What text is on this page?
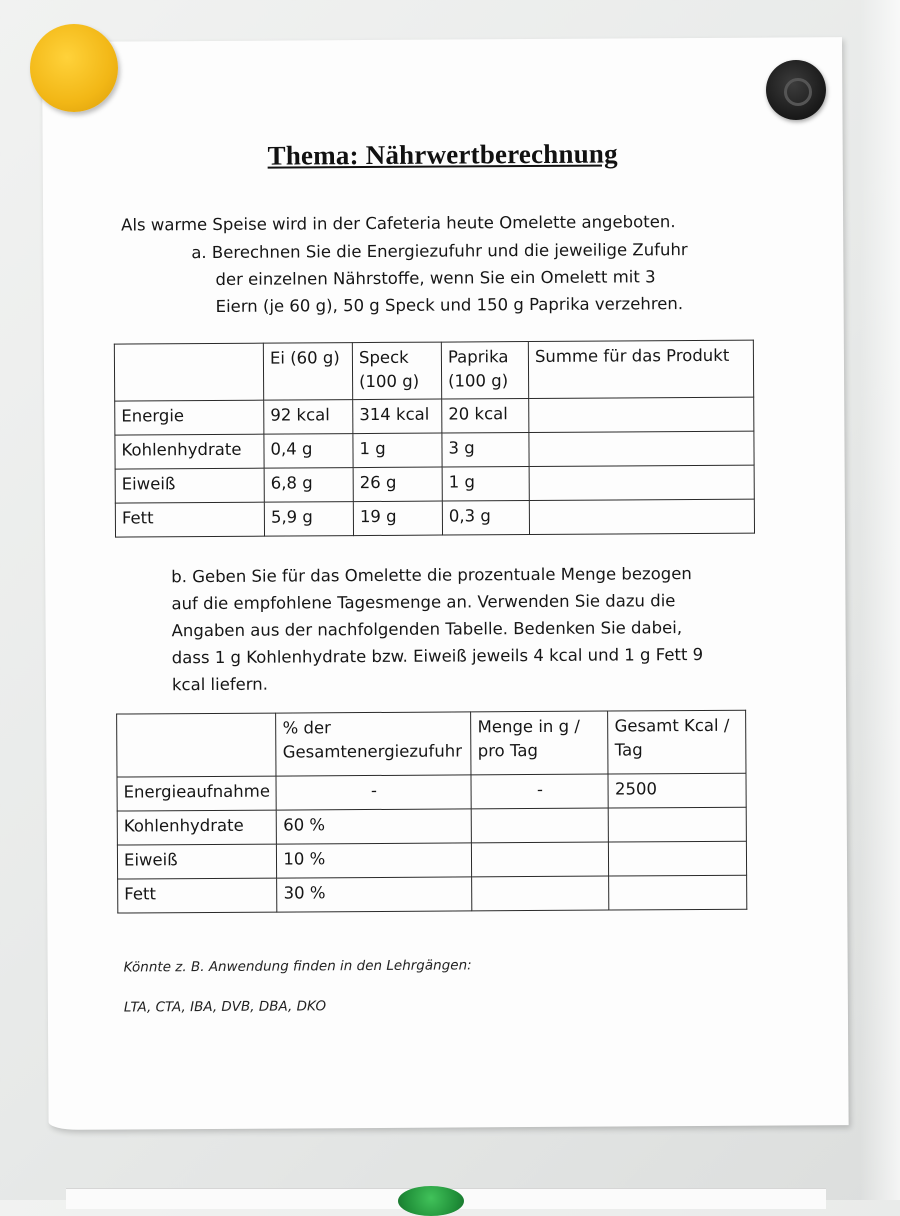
Thema: Nährwertberechnung
Als warme Speise wird in der Cafeteria heute Omelette angeboten.
a. Berechnen Sie die Energiezufuhr und die jeweilige Zufuhr
der einzelnen Nährstoffe, wenn Sie ein Omelett mit 3
Eiern (je 60 g), 50 g Speck und 150 g Paprika verzehren.
	Ei (60 g)	Speck (100 g)	Paprika (100 g)	Summe für das Produkt
Energie	92 kcal	314 kcal	20 kcal	
Kohlenhydrate	0,4 g	1 g	3 g	
Eiweiß	6,8 g	26 g	1 g	
Fett	5,9 g	19 g	0,3 g	
b. Geben Sie für das Omelette die prozentuale Menge bezogen
auf die empfohlene Tagesmenge an. Verwenden Sie dazu die
Angaben aus der nachfolgenden Tabelle. Bedenken Sie dabei,
dass 1 g Kohlenhydrate bzw. Eiweiß jeweils 4 kcal und 1 g Fett 9
kcal liefern.
	% der Gesamtenergiezufuhr	Menge in g / pro Tag	Gesamt Kcal / Tag
Energieaufnahme	-	-	2500
Kohlenhydrate	60 %		
Eiweiß	10 %		
Fett	30 %		
Könnte z. B. Anwendung finden in den Lehrgängen:
LTA, CTA, IBA, DVB, DBA, DKO
